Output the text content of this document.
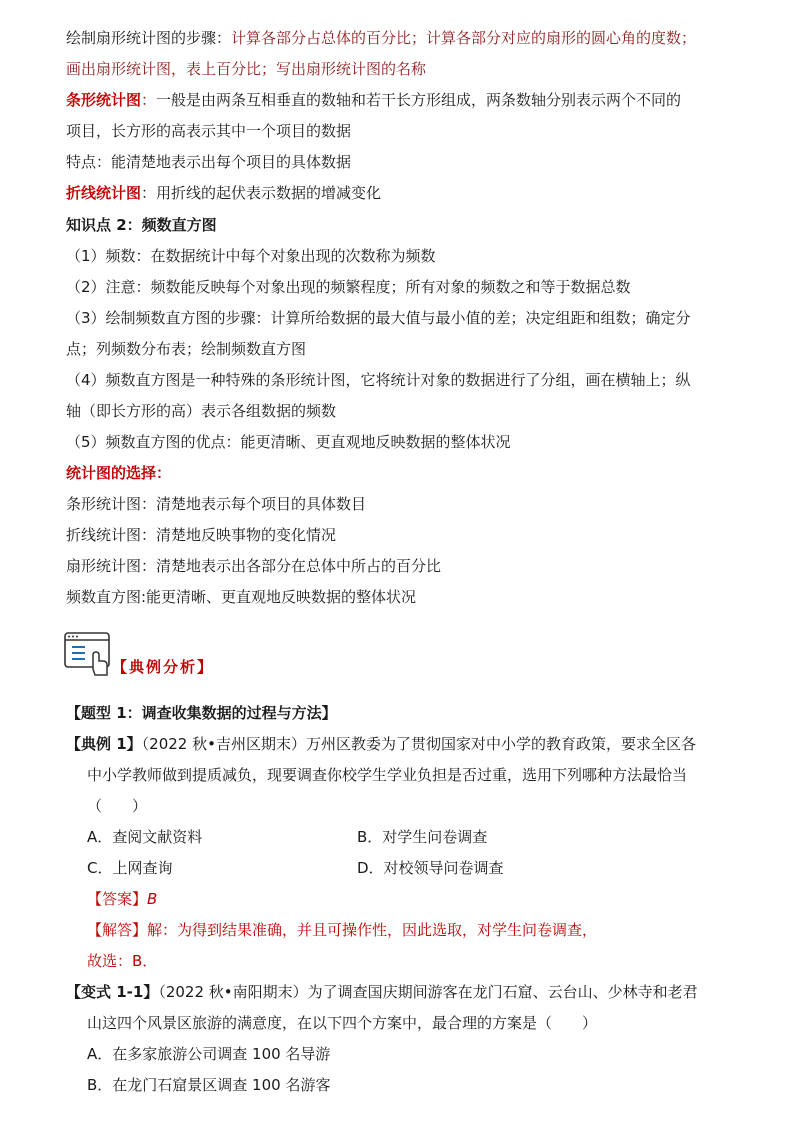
绘制扇形统计图的步骤：计算各部分占总体的百分比；计算各部分对应的扇形的圆心角的度数；
画出扇形统计图，表上百分比；写出扇形统计图的名称
条形统计图：一般是由两条互相垂直的数轴和若干长方形组成，两条数轴分别表示两个不同的
项目，长方形的高表示其中一个项目的数据
特点：能清楚地表示出每个项目的具体数据
折线统计图：用折线的起伏表示数据的增减变化
知识点 2：频数直方图
（1）频数：在数据统计中每个对象出现的次数称为频数
（2）注意：频数能反映每个对象出现的频繁程度；所有对象的频数之和等于数据总数
（3）绘制频数直方图的步骤：计算所给数据的最大值与最小值的差；决定组距和组数；确定分
点；列频数分布表；绘制频数直方图
（4）频数直方图是一种特殊的条形统计图，它将统计对象的数据进行了分组，画在横轴上；纵
轴（即长方形的高）表示各组数据的频数
（5）频数直方图的优点：能更清晰、更直观地反映数据的整体状况
统计图的选择：
条形统计图：清楚地表示每个项目的具体数目
折线统计图：清楚地反映事物的变化情况
扇形统计图：清楚地表示出各部分在总体中所占的百分比
频数直方图:能更清晰、更直观地反映数据的整体状况
【典例分析】
【题型 1：调查收集数据的过程与方法】
【典例 1】（2022 秋•吉州区期末）万州区教委为了贯彻国家对中小学的教育政策，要求全区各
中小学教师做到提质减负，现要调查你校学生学业负担是否过重，选用下列哪种方法最恰当
（　　）
A．查阅文献资料	B．对学生问卷调查
C．上网查询	D．对校领导问卷调查
【答案】B
【解答】解：为得到结果准确，并且可操作性，因此选取，对学生问卷调查，
故选：B．
【变式 1-1】（2022 秋•南阳期末）为了调查国庆期间游客在龙门石窟、云台山、少林寺和老君
山这四个风景区旅游的满意度，在以下四个方案中，最合理的方案是（　　）
A．在多家旅游公司调查 100 名导游
B．在龙门石窟景区调查 100 名游客
